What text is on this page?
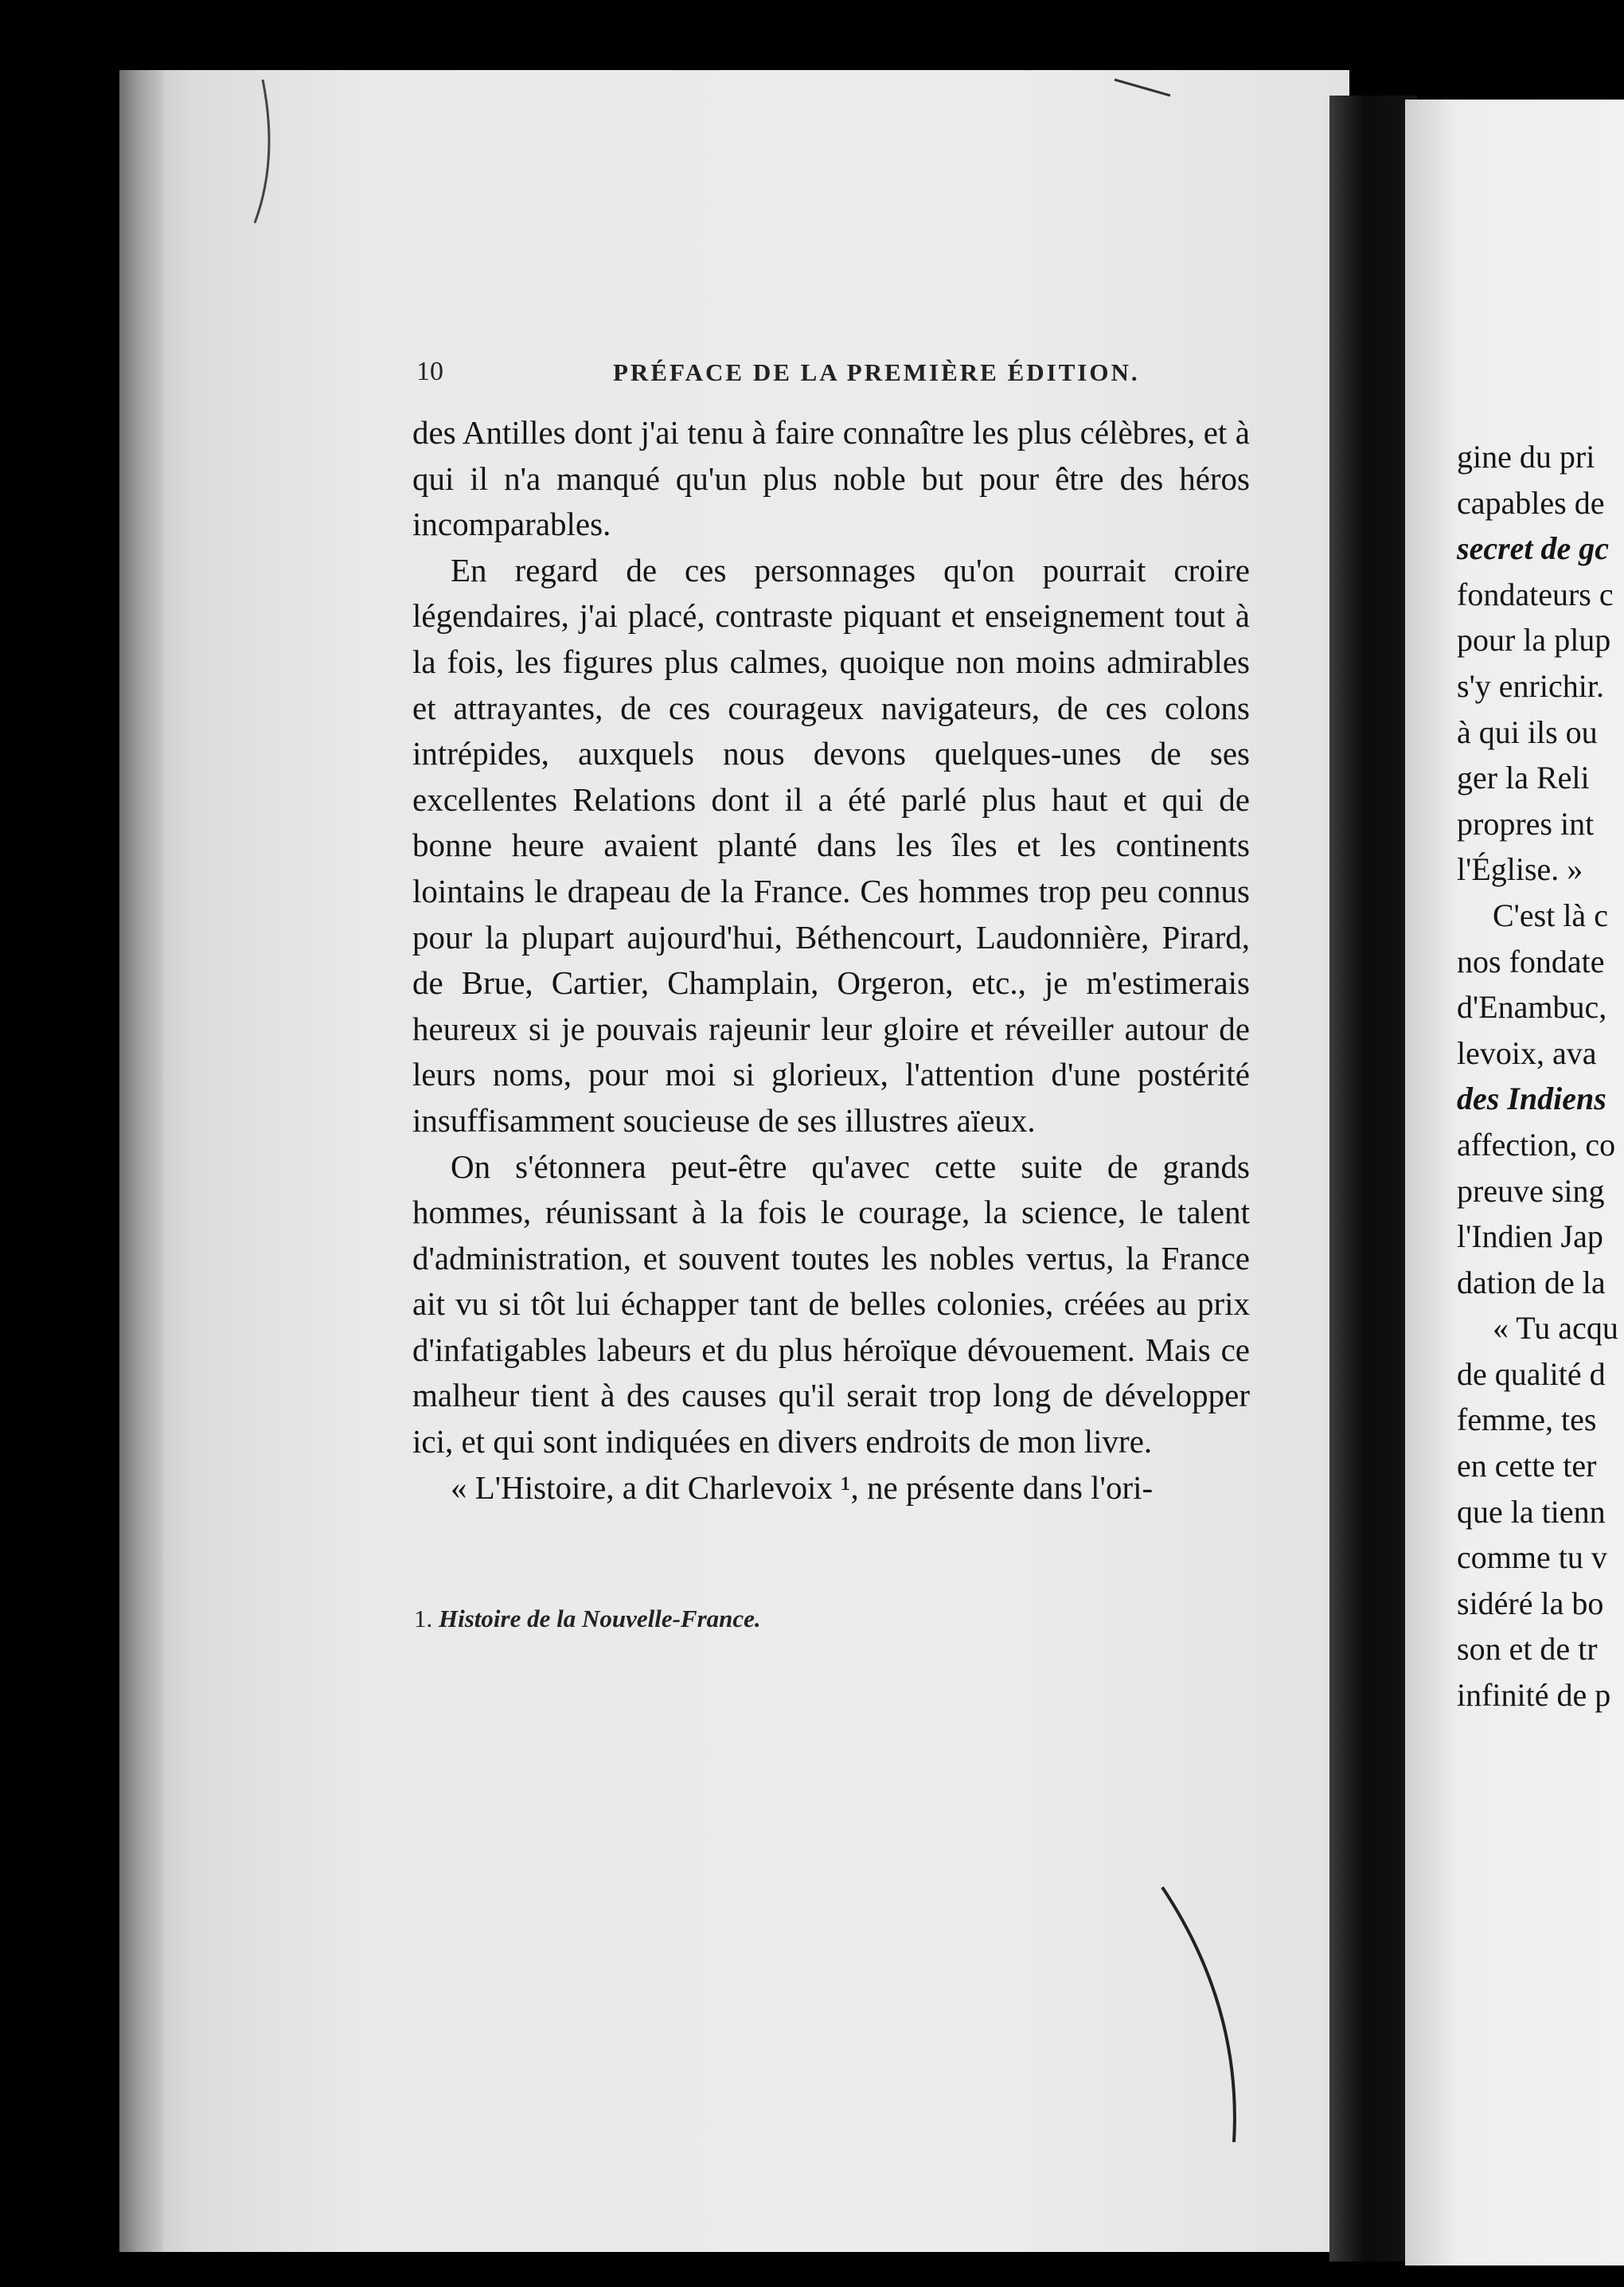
10	PRÉFACE DE LA PREMIÈRE ÉDITION.

des Antilles dont j'ai tenu à faire connaître les plus célèbres, et à qui il n'a manqué qu'un plus noble but pour être des héros incomparables.

En regard de ces personnages qu'on pourrait croire légendaires, j'ai placé, contraste piquant et enseignement tout à la fois, les figures plus calmes, quoique non moins admirables et attrayantes, de ces courageux navigateurs, de ces colons intrépides, auxquels nous devons quelques-unes de ses excellentes Relations dont il a été parlé plus haut et qui de bonne heure avaient planté dans les îles et les continents lointains le drapeau de la France. Ces hommes trop peu connus pour la plupart aujourd'hui, Béthencourt, Laudonnière, Pirard, de Brue, Cartier, Champlain, Orgeron, etc., je m'estimerais heureux si je pouvais rajeunir leur gloire et réveiller autour de leurs noms, pour moi si glorieux, l'attention d'une postérité insuffisamment soucieuse de ses illustres aïeux.

On s'étonnera peut-être qu'avec cette suite de grands hommes, réunissant à la fois le courage, la science, le talent d'administration, et souvent toutes les nobles vertus, la France ait vu si tôt lui échapper tant de belles colonies, créées au prix d'infatigables labeurs et du plus héroïque dévouement. Mais ce malheur tient à des causes qu'il serait trop long de développer ici, et qui sont indiquées en divers endroits de mon livre.

« L'Histoire, a dit Charlevoix ¹, ne présente dans l'ori-

1. Histoire de la Nouvelle-France.
gine du pri
capables de
secret de gc
fondateurs c
pour la plup
s'y enrichir.
à qui ils ou
ger la Reli
propres int
l'Église. »
C'est là c
nos fondate
d'Enambuc,
levoix, ava
des Indiens
affection, co
preuve sing
l'Indien Jap
dation de la
« Tu acqu
de qualité d
femme, tes
en cette ter
que la tienn
comme tu v
sidéré la bo
son et de tr
infinité de p
